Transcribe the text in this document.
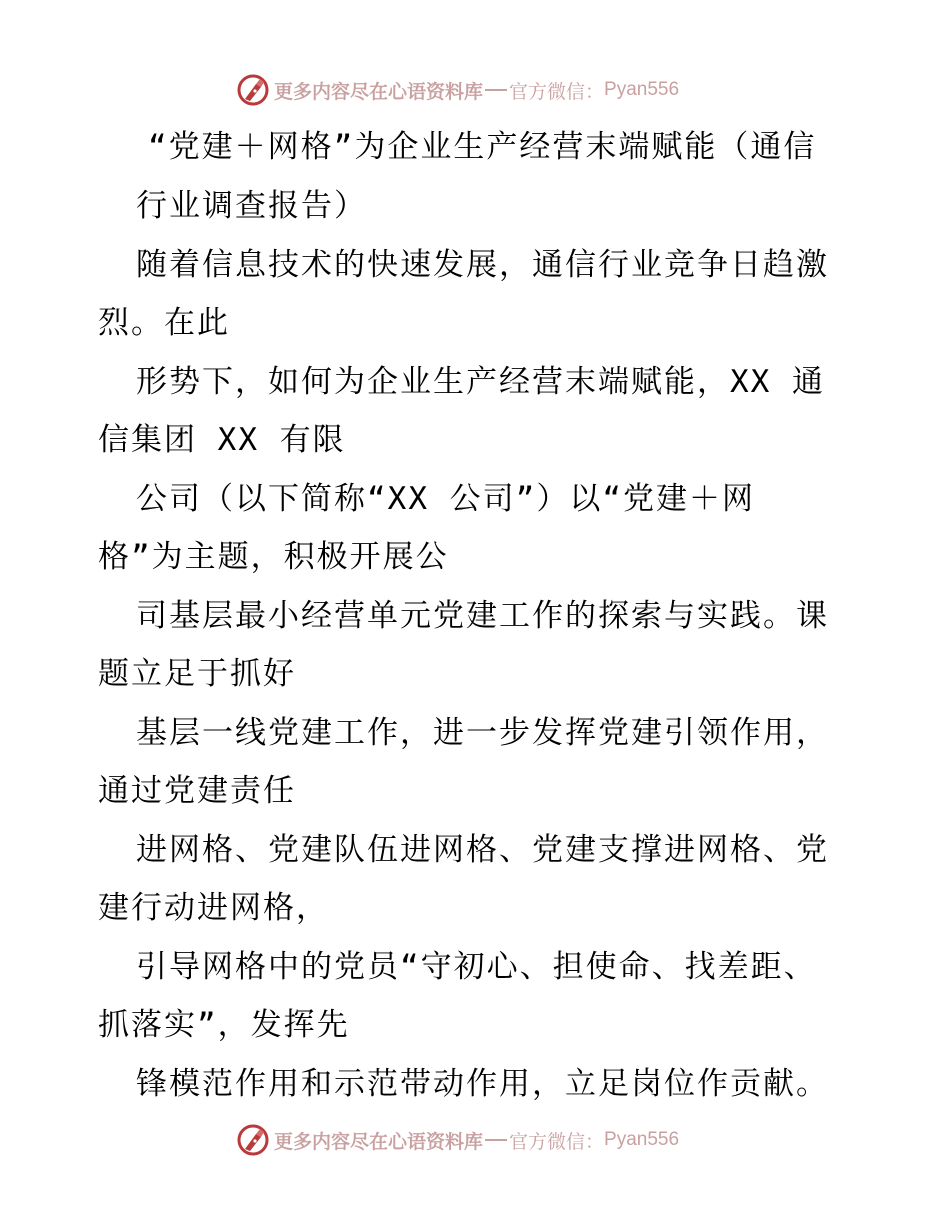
更多内容尽在心语资料库 官方微信： Pyan556
“党建＋网格”为企业生产经营末端赋能（通信
行业调查报告）
随着信息技术的快速发展，通信行业竞争日趋激
烈。在此
形势下，如何为企业生产经营末端赋能，XX 通
信集团 XX 有限
公司（以下简称“XX 公司”）以“党建＋网
格”为主题，积极开展公
司基层最小经营单元党建工作的探索与实践。课
题立足于抓好
基层一线党建工作，进一步发挥党建引领作用，
通过党建责任
进网格、党建队伍进网格、党建支撑进网格、党
建行动进网格，
引导网格中的党员“守初心、担使命、找差距、
抓落实”，发挥先
锋模范作用和示范带动作用，立足岗位作贡献。
更多内容尽在心语资料库 官方微信： Pyan556
